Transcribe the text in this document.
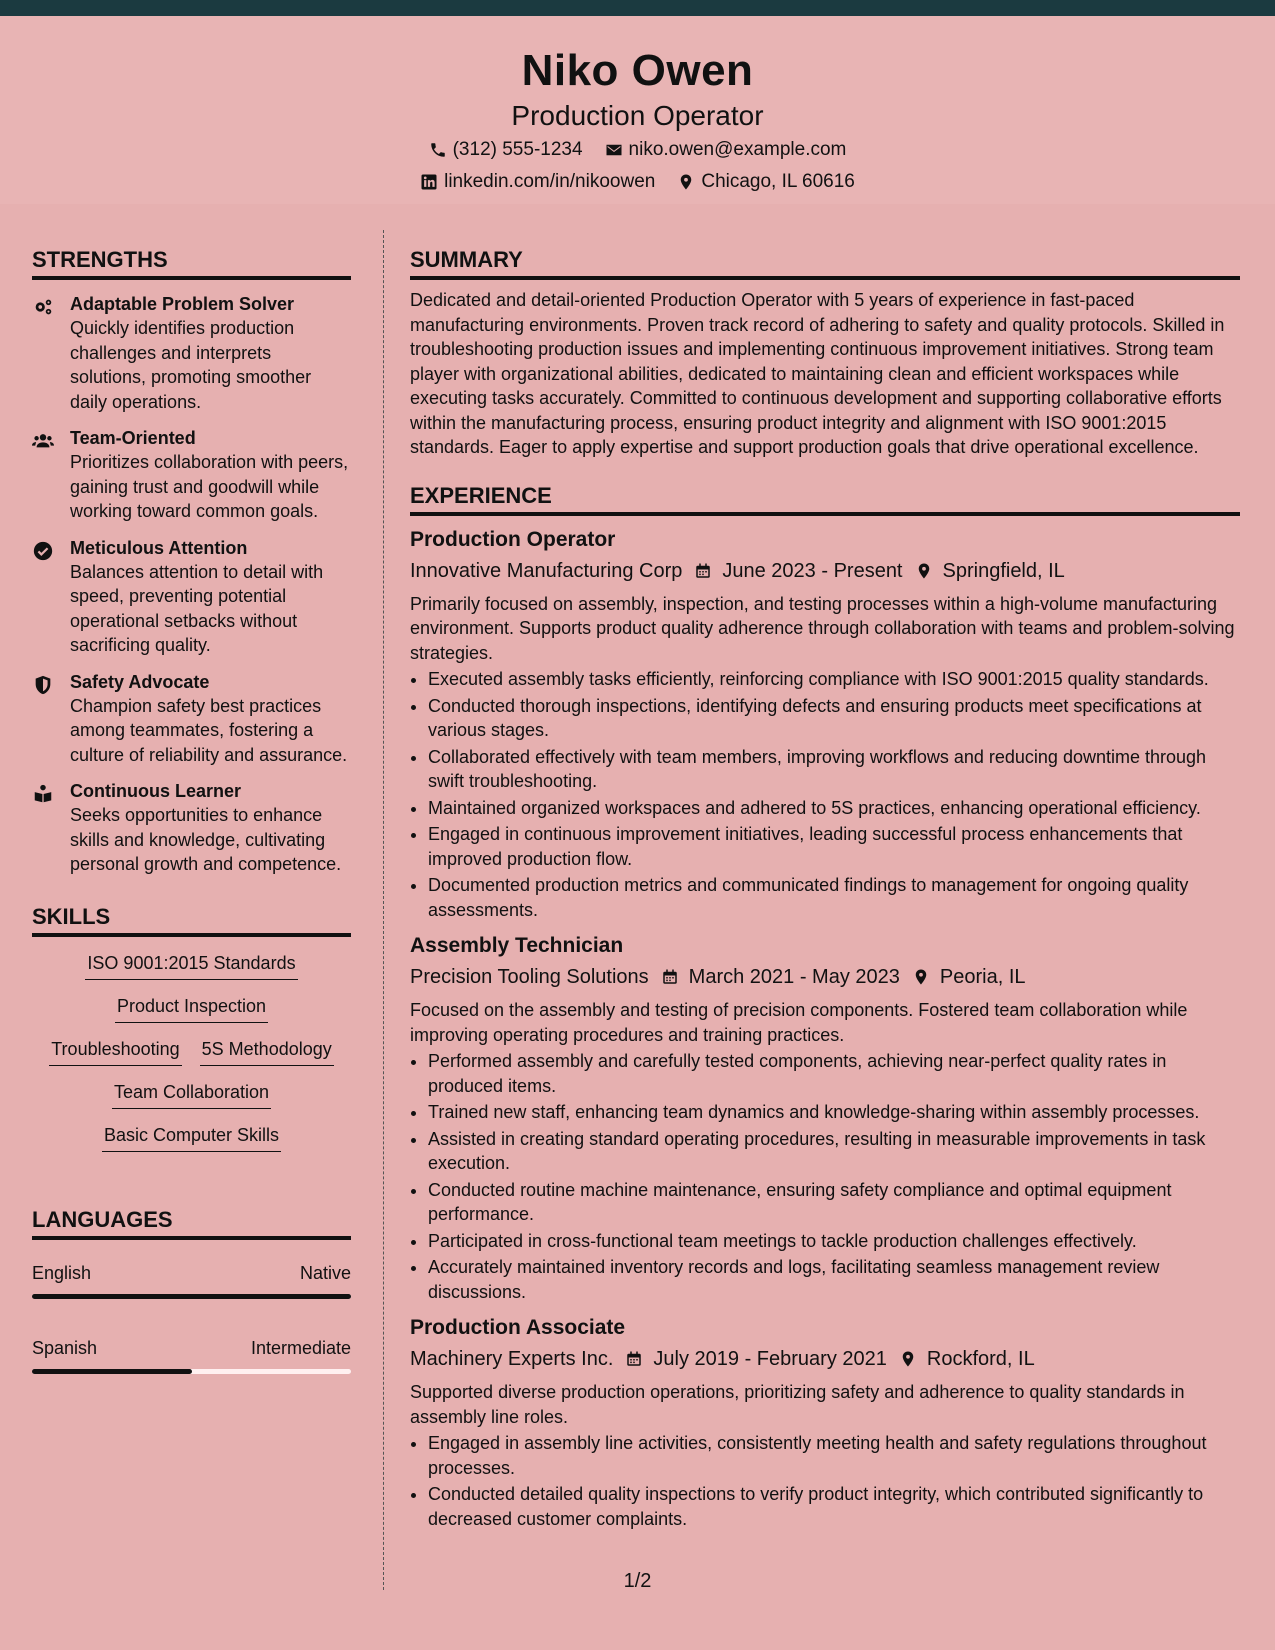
Niko Owen
Production Operator
(312) 555-1234 niko.owen@example.com
linkedin.com/in/nikoowen Chicago, IL 60616
STRENGTHS
Adaptable Problem Solver
Quickly identifies production challenges and interprets solutions, promoting smoother daily operations.
Team-Oriented
Prioritizes collaboration with peers, gaining trust and goodwill while working toward common goals.
Meticulous Attention
Balances attention to detail with speed, preventing potential operational setbacks without sacrificing quality.
Safety Advocate
Champion safety best practices among teammates, fostering a culture of reliability and assurance.
Continuous Learner
Seeks opportunities to enhance skills and knowledge, cultivating personal growth and competence.
SKILLS
ISO 9001:2015 Standards
Product Inspection
Troubleshooting 5S Methodology
Team Collaboration
Basic Computer Skills
LANGUAGES
English	Native
Spanish	Intermediate
SUMMARY
Dedicated and detail-oriented Production Operator with 5 years of experience in fast-paced manufacturing environments. Proven track record of adhering to safety and quality protocols. Skilled in troubleshooting production issues and implementing continuous improvement initiatives. Strong team player with organizational abilities, dedicated to maintaining clean and efficient workspaces while executing tasks accurately. Committed to continuous development and supporting collaborative efforts within the manufacturing process, ensuring product integrity and alignment with ISO 9001:2015 standards. Eager to apply expertise and support production goals that drive operational excellence.
EXPERIENCE
Production Operator
Innovative Manufacturing Corp June 2023 - Present Springfield, IL
Primarily focused on assembly, inspection, and testing processes within a high-volume manufacturing environment. Supports product quality adherence through collaboration with teams and problem-solving strategies.
• Executed assembly tasks efficiently, reinforcing compliance with ISO 9001:2015 quality standards.
• Conducted thorough inspections, identifying defects and ensuring products meet specifications at various stages.
• Collaborated effectively with team members, improving workflows and reducing downtime through swift troubleshooting.
• Maintained organized workspaces and adhered to 5S practices, enhancing operational efficiency.
• Engaged in continuous improvement initiatives, leading successful process enhancements that improved production flow.
• Documented production metrics and communicated findings to management for ongoing quality assessments.
Assembly Technician
Precision Tooling Solutions March 2021 - May 2023 Peoria, IL
Focused on the assembly and testing of precision components. Fostered team collaboration while improving operating procedures and training practices.
• Performed assembly and carefully tested components, achieving near-perfect quality rates in produced items.
• Trained new staff, enhancing team dynamics and knowledge-sharing within assembly processes.
• Assisted in creating standard operating procedures, resulting in measurable improvements in task execution.
• Conducted routine machine maintenance, ensuring safety compliance and optimal equipment performance.
• Participated in cross-functional team meetings to tackle production challenges effectively.
• Accurately maintained inventory records and logs, facilitating seamless management review discussions.
Production Associate
Machinery Experts Inc. July 2019 - February 2021 Rockford, IL
Supported diverse production operations, prioritizing safety and adherence to quality standards in assembly line roles.
• Engaged in assembly line activities, consistently meeting health and safety regulations throughout processes.
• Conducted detailed quality inspections to verify product integrity, which contributed significantly to decreased customer complaints.
1/2
